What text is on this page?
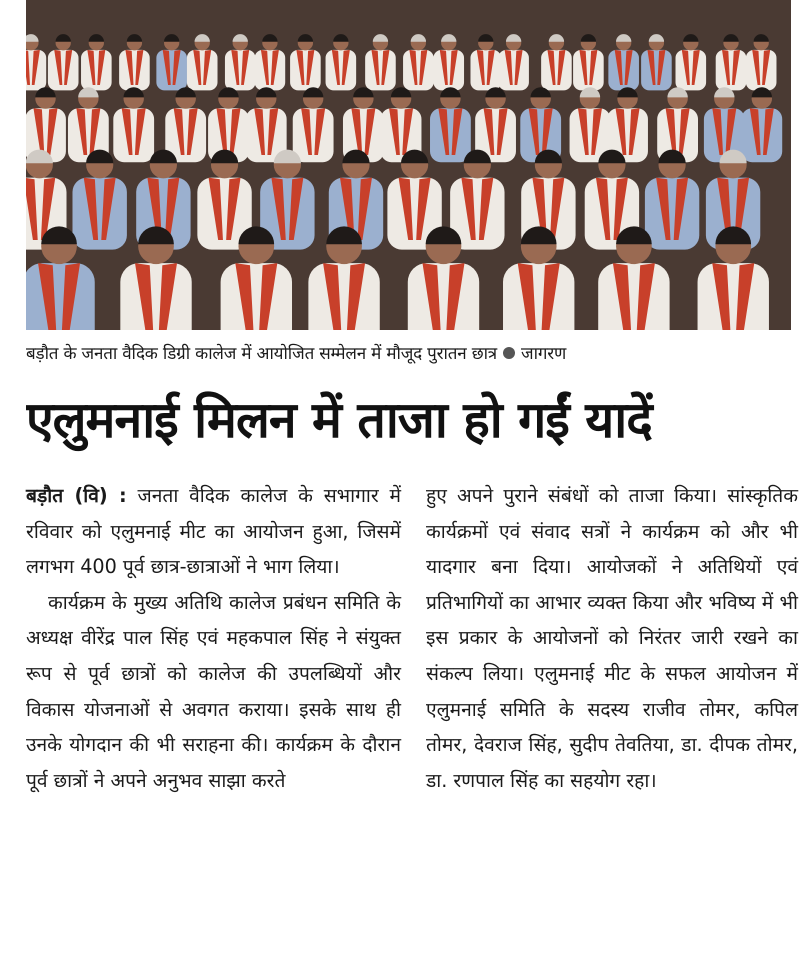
बड़ौत के जनता वैदिक डिग्री कालेज में आयोजित सम्मेलन में मौजूद पुरातन छात्र जागरण
एलुमनाई मिलन में ताजा हो गईं यादें

बड़ौत (वि) : जनता वैदिक कालेज के सभागार में रविवार को एलुमनाई मीट का आयोजन हुआ, जिसमें लगभग 400 पूर्व छात्र-छात्राओं ने भाग लिया।

कार्यक्रम के मुख्य अतिथि कालेज प्रबंधन समिति के अध्यक्ष वीरेंद्र पाल सिंह एवं महकपाल सिंह ने संयुक्त रूप से पूर्व छात्रों को कालेज की उपलब्धियों और विकास योजनाओं से अवगत कराया। इसके साथ ही उनके योगदान की भी सराहना की। कार्यक्रम के दौरान पूर्व छात्रों ने अपने अनुभव साझा करते

हुए अपने पुराने संबंधों को ताजा किया। सांस्कृतिक कार्यक्रमों एवं संवाद सत्रों ने कार्यक्रम को और भी यादगार बना दिया। आयोजकों ने अतिथियों एवं प्रतिभागियों का आभार व्यक्त किया और भविष्य में भी इस प्रकार के आयोजनों को निरंतर जारी रखने का संकल्प लिया। एलुमनाई मीट के सफल आयोजन में एलुमनाई समिति के सदस्य राजीव तोमर, कपिल तोमर, देवराज सिंह, सुदीप तेवतिया, डा. दीपक तोमर, डा. रणपाल सिंह का सहयोग रहा।
